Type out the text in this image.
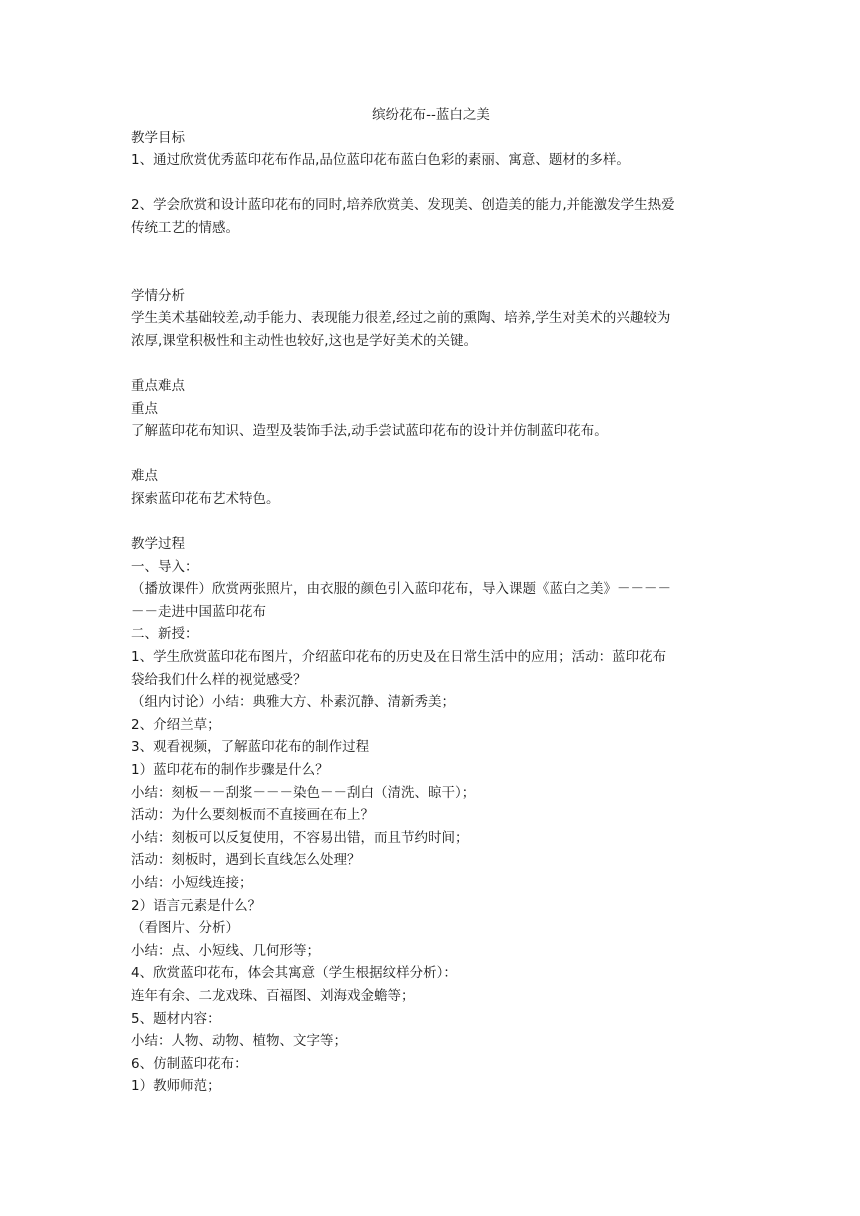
缤纷花布--蓝白之美
教学目标
1、通过欣赏优秀蓝印花布作品,品位蓝印花布蓝白色彩的素丽、寓意、题材的多样。
2、学会欣赏和设计蓝印花布的同时,培养欣赏美、发现美、创造美的能力,并能激发学生热爱
传统工艺的情感。
学情分析
学生美术基础较差,动手能力、表现能力很差,经过之前的熏陶、培养,学生对美术的兴趣较为
浓厚,课堂积极性和主动性也较好,这也是学好美术的关键。
重点难点
重点
了解蓝印花布知识、造型及装饰手法,动手尝试蓝印花布的设计并仿制蓝印花布。
难点
探索蓝印花布艺术特色。
教学过程
一、导入：
（播放课件）欣赏两张照片，由衣服的颜色引入蓝印花布，导入课题《蓝白之美》－－－－
－－走进中国蓝印花布
二、新授：
1、学生欣赏蓝印花布图片，介绍蓝印花布的历史及在日常生活中的应用；活动：蓝印花布
袋给我们什么样的视觉感受？
（组内讨论）小结：典雅大方、朴素沉静、清新秀美；
2、介绍兰草；
3、观看视频，了解蓝印花布的制作过程
1）蓝印花布的制作步骤是什么？
小结：刻板－－刮浆－－－染色－－刮白（清洗、晾干）；
活动：为什么要刻板而不直接画在布上？
小结：刻板可以反复使用，不容易出错，而且节约时间；
活动：刻板时，遇到长直线怎么处理？
小结：小短线连接；
2）语言元素是什么？
（看图片、分析）
小结：点、小短线、几何形等；
4、欣赏蓝印花布，体会其寓意（学生根据纹样分析）：
连年有余、二龙戏珠、百福图、刘海戏金蟾等；
5、题材内容：
小结：人物、动物、植物、文字等；
6、仿制蓝印花布：
1）教师师范；
